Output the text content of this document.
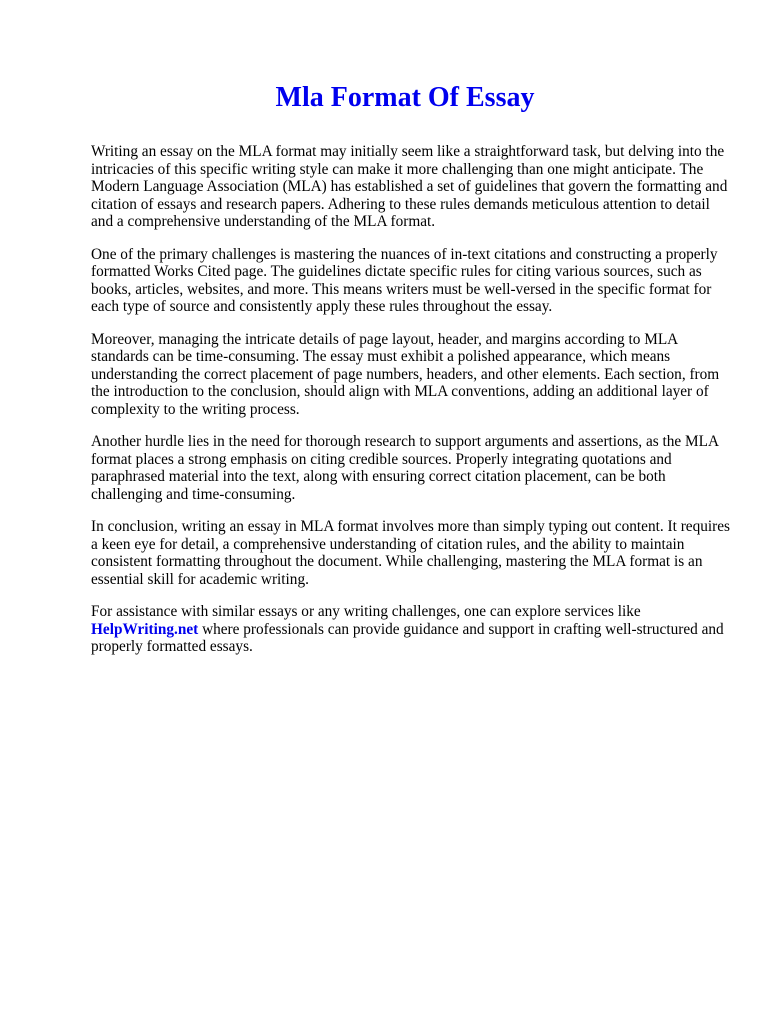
Mla Format Of Essay

Writing an essay on the MLA format may initially seem like a straightforward task, but delving into the intricacies of this specific writing style can make it more challenging than one might anticipate. The Modern Language Association (MLA) has established a set of guidelines that govern the formatting and citation of essays and research papers. Adhering to these rules demands meticulous attention to detail and a comprehensive understanding of the MLA format.

One of the primary challenges is mastering the nuances of in-text citations and constructing a properly formatted Works Cited page. The guidelines dictate specific rules for citing various sources, such as books, articles, websites, and more. This means writers must be well-versed in the specific format for each type of source and consistently apply these rules throughout the essay.

Moreover, managing the intricate details of page layout, header, and margins according to MLA standards can be time-consuming. The essay must exhibit a polished appearance, which means understanding the correct placement of page numbers, headers, and other elements. Each section, from the introduction to the conclusion, should align with MLA conventions, adding an additional layer of complexity to the writing process.

Another hurdle lies in the need for thorough research to support arguments and assertions, as the MLA format places a strong emphasis on citing credible sources. Properly integrating quotations and paraphrased material into the text, along with ensuring correct citation placement, can be both challenging and time-consuming.

In conclusion, writing an essay in MLA format involves more than simply typing out content. It requires a keen eye for detail, a comprehensive understanding of citation rules, and the ability to maintain consistent formatting throughout the document. While challenging, mastering the MLA format is an essential skill for academic writing.

For assistance with similar essays or any writing challenges, one can explore services like
HelpWriting.net where professionals can provide guidance and support in crafting well-structured and properly formatted essays.
